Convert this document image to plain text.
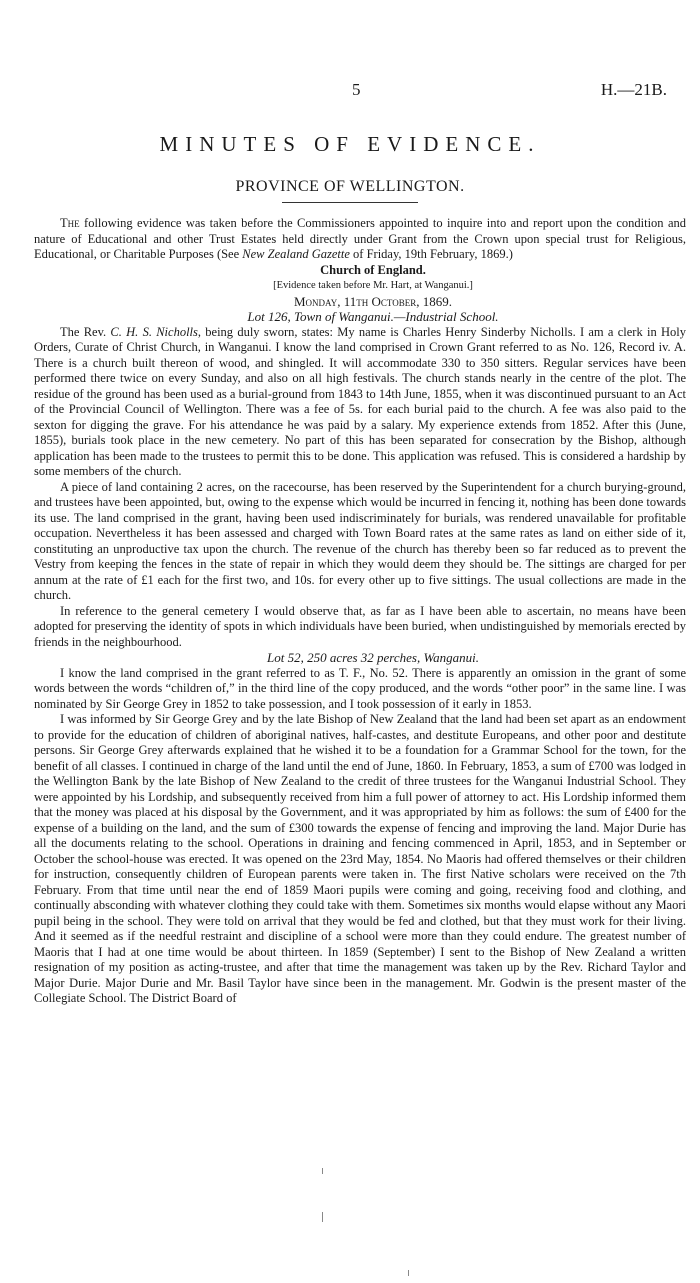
5	H.—21B.
MINUTES OF EVIDENCE.
PROVINCE OF WELLINGTON.

The following evidence was taken before the Commissioners appointed to inquire into and report upon the condition and nature of Educational and other Trust Estates held directly under Grant from the Crown upon special trust for Religious, Educational, or Charitable Purposes (See New Zealand Gazette of Friday, 19th February, 1869.)

Church of England.

[Evidence taken before Mr. Hart, at Wanganui.]

Monday, 11th October, 1869.

Lot 126, Town of Wanganui.—Industrial School.

The Rev. C. H. S. Nicholls, being duly sworn, states: My name is Charles Henry Sinderby Nicholls. I am a clerk in Holy Orders, Curate of Christ Church, in Wanganui. I know the land comprised in Crown Grant referred to as No. 126, Record iv. A. There is a church built thereon of wood, and shingled. It will accommodate 330 to 350 sitters. Regular services have been performed there twice on every Sunday, and also on all high festivals. The church stands nearly in the centre of the plot. The residue of the ground has been used as a burial-ground from 1843 to 14th June, 1855, when it was discontinued pursuant to an Act of the Provincial Council of Wellington. There was a fee of 5s. for each burial paid to the church. A fee was also paid to the sexton for digging the grave. For his attendance he was paid by a salary. My experience extends from 1852. After this (June, 1855), burials took place in the new cemetery. No part of this has been separated for consecration by the Bishop, although application has been made to the trustees to permit this to be done. This application was refused. This is considered a hardship by some members of the church.

A piece of land containing 2 acres, on the racecourse, has been reserved by the Superintendent for a church burying-ground, and trustees have been appointed, but, owing to the expense which would be incurred in fencing it, nothing has been done towards its use. The land comprised in the grant, having been used indiscriminately for burials, was rendered unavailable for profitable occupation. Nevertheless it has been assessed and charged with Town Board rates at the same rates as land on either side of it, constituting an unproductive tax upon the church. The revenue of the church has thereby been so far reduced as to prevent the Vestry from keeping the fences in the state of repair in which they would deem they should be. The sittings are charged for per annum at the rate of £1 each for the first two, and 10s. for every other up to five sittings. The usual collections are made in the church.

In reference to the general cemetery I would observe that, as far as I have been able to ascertain, no means have been adopted for preserving the identity of spots in which individuals have been buried, when undistinguished by memorials erected by friends in the neighbourhood.

Lot 52, 250 acres 32 perches, Wanganui.

I know the land comprised in the grant referred to as T. F., No. 52. There is apparently an omission in the grant of some words between the words “children of,” in the third line of the copy produced, and the words “other poor” in the same line. I was nominated by Sir George Grey in 1852 to take possession, and I took possession of it early in 1853.

I was informed by Sir George Grey and by the late Bishop of New Zealand that the land had been set apart as an endowment to provide for the education of children of aboriginal natives, half-castes, and destitute Europeans, and other poor and destitute persons. Sir George Grey afterwards explained that he wished it to be a foundation for a Grammar School for the town, for the benefit of all classes. I continued in charge of the land until the end of June, 1860. In February, 1853, a sum of £700 was lodged in the Wellington Bank by the late Bishop of New Zealand to the credit of three trustees for the Wanganui Industrial School. They were appointed by his Lordship, and subsequently received from him a full power of attorney to act. His Lordship informed them that the money was placed at his disposal by the Government, and it was appropriated by him as follows: the sum of £400 for the expense of a building on the land, and the sum of £300 towards the expense of fencing and improving the land. Major Durie has all the documents relating to the school. Operations in draining and fencing commenced in April, 1853, and in September or October the school-house was erected. It was opened on the 23rd May, 1854. No Maoris had offered themselves or their children for instruction, consequently children of European parents were taken in. The first Native scholars were received on the 7th February. From that time until near the end of 1859 Maori pupils were coming and going, receiving food and clothing, and continually absconding with whatever clothing they could take with them. Sometimes six months would elapse without any Maori pupil being in the school. They were told on arrival that they would be fed and clothed, but that they must work for their living. And it seemed as if the needful restraint and discipline of a school were more than they could endure. The greatest number of Maoris that I had at one time would be about thirteen. In 1859 (September) I sent to the Bishop of New Zealand a written resignation of my position as acting-trustee, and after that time the management was taken up by the Rev. Richard Taylor and Major Durie. Major Durie and Mr. Basil Taylor have since been in the management. Mr. Godwin is the present master of the Collegiate School. The District Board of
